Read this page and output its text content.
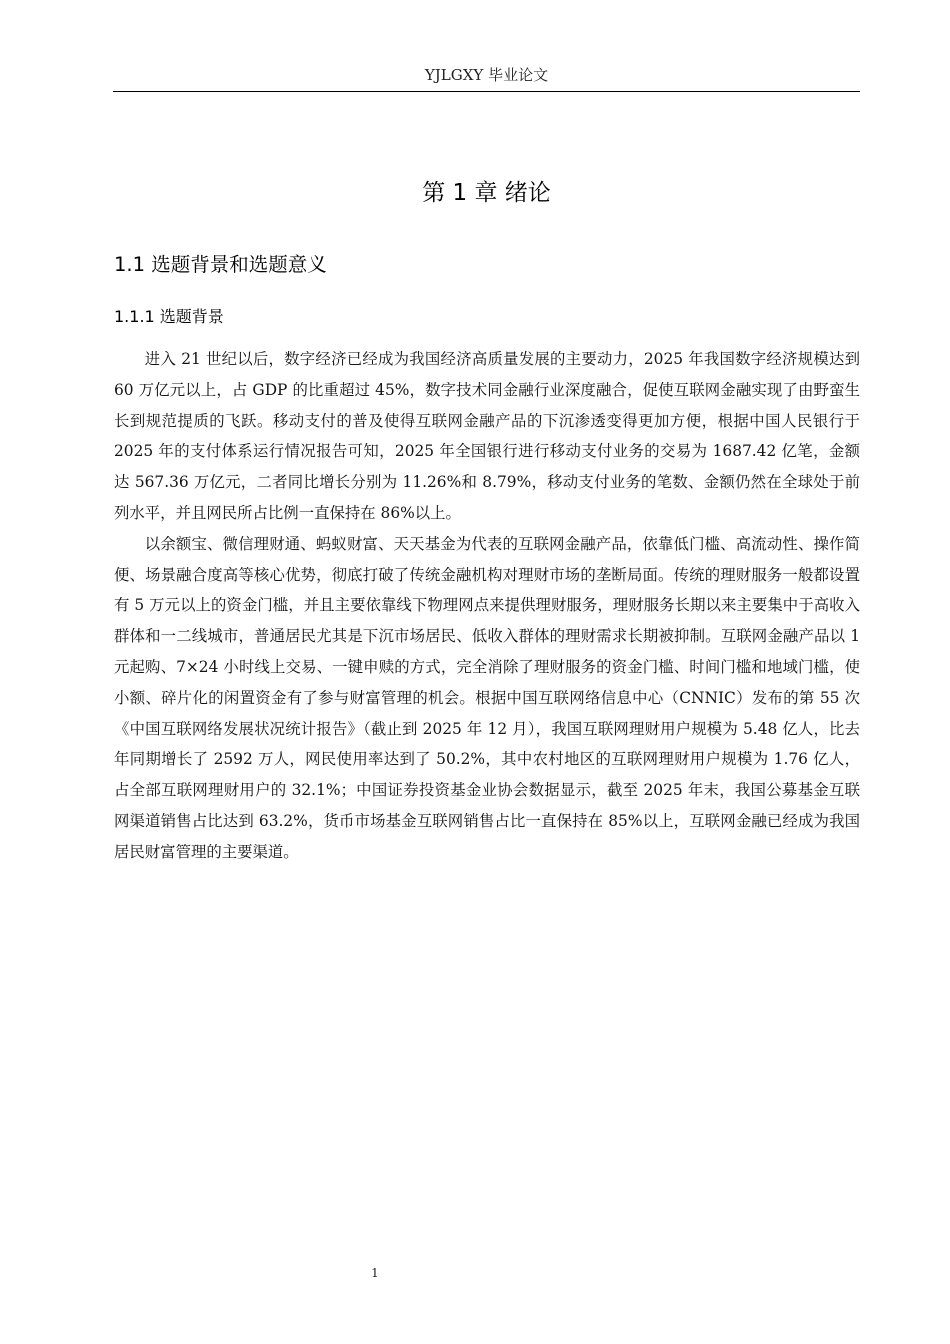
YJLGXY 毕业论文
第 1 章 绪论
1.1 选题背景和选题意义
1.1.1 选题背景

进入 21 世纪以后，数字经济已经成为我国经济高质量发展的主要动力，2025 年我国数字经济规模达到 60 万亿元以上，占 GDP 的比重超过 45%，数字技术同金融行业深度融合，促使互联网金融实现了由野蛮生长到规范提质的飞跃。移动支付的普及使得互联网金融产品的下沉渗透变得更加方便，根据中国人民银行于 2025 年的支付体系运行情况报告可知，2025 年全国银行进行移动支付业务的交易为 1687.42 亿笔，金额达 567.36 万亿元，二者同比增长分别为 11.26%和 8.79%，移动支付业务的笔数、金额仍然在全球处于前列水平，并且网民所占比例一直保持在 86%以上。

以余额宝、微信理财通、蚂蚁财富、天天基金为代表的互联网金融产品，依靠低门槛、高流动性、操作简便、场景融合度高等核心优势，彻底打破了传统金融机构对理财市场的垄断局面。传统的理财服务一般都设置有 5 万元以上的资金门槛，并且主要依靠线下物理网点来提供理财服务，理财服务长期以来主要集中于高收入群体和一二线城市，普通居民尤其是下沉市场居民、低收入群体的理财需求长期被抑制。互联网金融产品以 1 元起购、7×24 小时线上交易、一键申赎的方式，完全消除了理财服务的资金门槛、时间门槛和地域门槛，使小额、碎片化的闲置资金有了参与财富管理的机会。根据中国互联网络信息中心（CNNIC）发布的第 55 次《中国互联网络发展状况统计报告》（截止到 2025 年 12 月），我国互联网理财用户规模为 5.48 亿人，比去年同期增长了 2592 万人，网民使用率达到了 50.2%，其中农村地区的互联网理财用户规模为 1.76 亿人，占全部互联网理财用户的 32.1%；中国证券投资基金业协会数据显示，截至 2025 年末，我国公募基金互联网渠道销售占比达到 63.2%，货币市场基金互联网销售占比一直保持在 85%以上，互联网金融已经成为我国居民财富管理的主要渠道。

1
